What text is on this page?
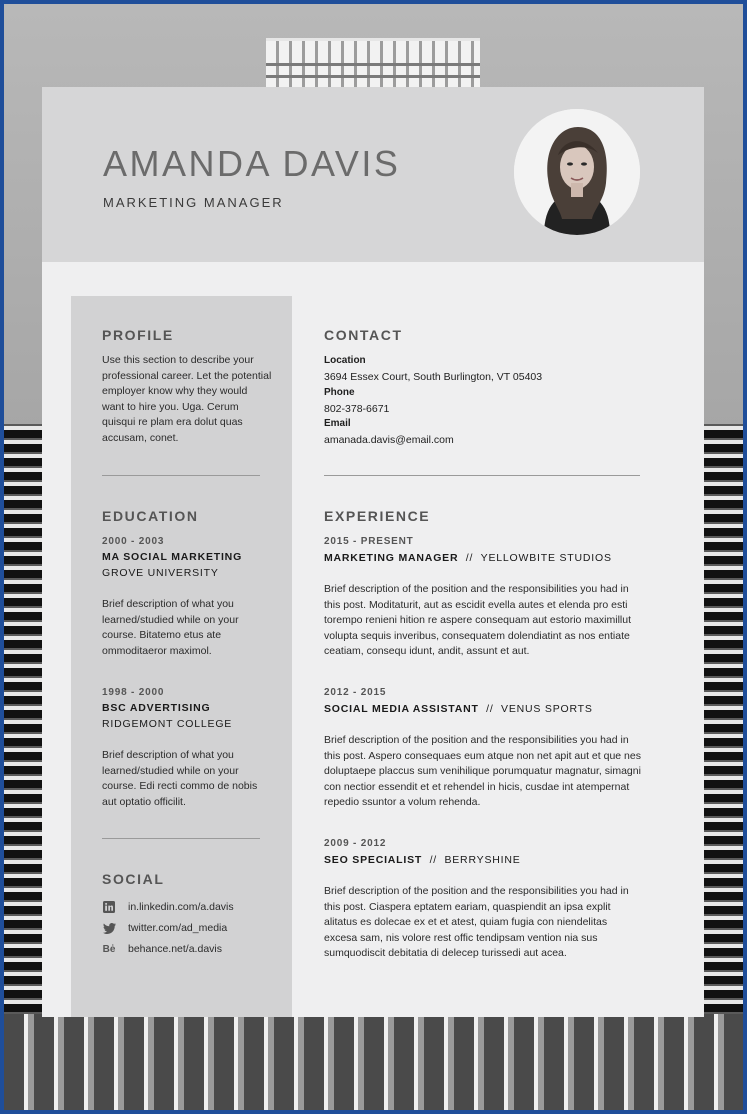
AMANDA DAVIS
MARKETING MANAGER
PROFILE
Use this section to describe your professional career. Let the potential employer know why they would want to hire you. Uga. Cerum quisqui re plam era dolut quas accusam, conet.
EDUCATION
2000 - 2003
MA SOCIAL MARKETING
GROVE UNIVERSITY
Brief description of what you learned/studied while on your course. Bitatemo etus ate ommoditaeror maximol.
1998 - 2000
BSC ADVERTISING
RIDGEMONT COLLEGE
Brief description of what you learned/studied while on your course. Edi recti commo de nobis aut optatio officilit.
SOCIAL
in.linkedin.com/a.davis
twitter.com/ad_media
Bė behance.net/a.davis
CONTACT
Location
3694 Essex Court, South Burlington, VT 05403
Phone
802-378-6671
Email
amanada.davis@email.com
EXPERIENCE
2015 - PRESENT
MARKETING MANAGER // YELLOWBITE STUDIOS
Brief description of the position and the responsibilities you had in this post. Moditaturit, aut as escidit evella autes et elenda pro esti torempo renieni hition re aspere consequam aut estorio maximillut volupta sequis inveribus, consequatem dolendiatint as nos entiate ceatiam, consequ idunt, andit, assunt et aut.
2012 - 2015
SOCIAL MEDIA ASSISTANT // VENUS SPORTS
Brief description of the position and the responsibilities you had in this post. Aspero consequaes eum atque non net apit aut et que nes doluptaepe placcus sum venihilique porumquatur magnatur, simagni con nectior essendit et et rehendel in hicis, cusdae int atempernat repedio ssuntor a volum rehenda.
2009 - 2012
SEO SPECIALIST // BERRYSHINE
Brief description of the position and the responsibilities you had in this post. Ciaspera eptatem eariam, quaspiendit an ipsa explit alitatus es dolecae ex et et atest, quiam fugia con niendelitas excesa sam, nis volore rest offic tendipsam vention nia sus sumquodiscit debitatia di delecep turissedi aut acea.
